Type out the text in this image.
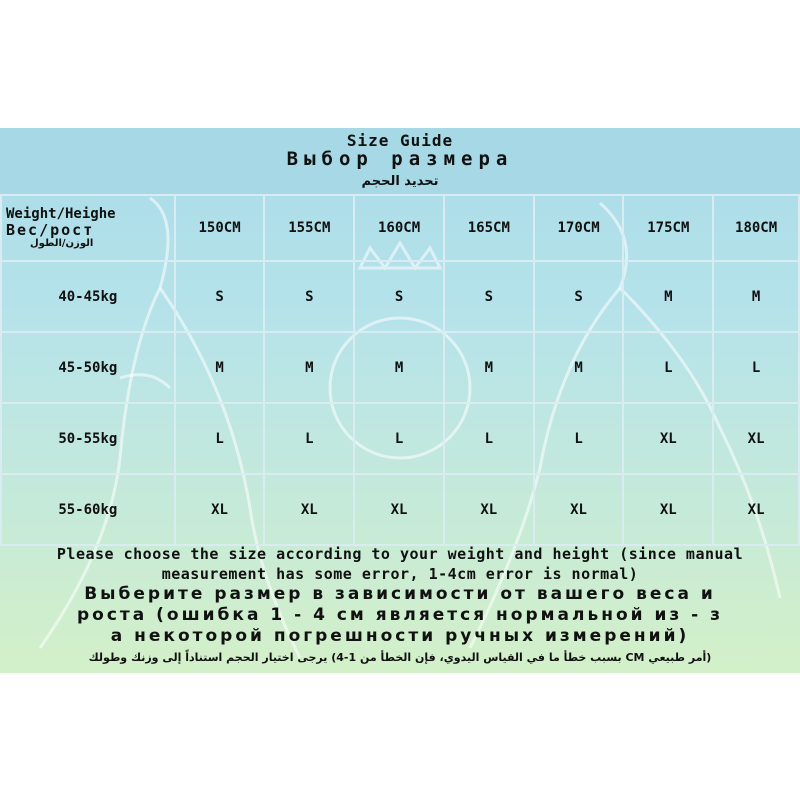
Size Guide
Выбор размера
تحديد الحجم
Weight/Heighe
Вес/рост
الوزن/الطول	150CM	155CM	160CM	165CM	170CM	175CM	180CM
40-45kg	S	S	S	S	S	M	M
45-50kg	M	M	M	M	M	L	L
50-55kg	L	L	L	L	L	XL	XL
55-60kg	XL	XL	XL	XL	XL	XL	XL
Please choose the size according to your weight and height (since manual
measurement has some error, 1-4cm error is normal)
Выберите размер в зависимости от вашего веса и
роста (ошибка 1 - 4 см является нормальной из - з
а некоторой погрешности ручных измерений)
(أمر طبيعي CM بسبب خطأ ما في القياس اليدوي، فإن الخطأ من 1-4) يرجى اختيار الحجم استناداً إلى وزنك وطولك
